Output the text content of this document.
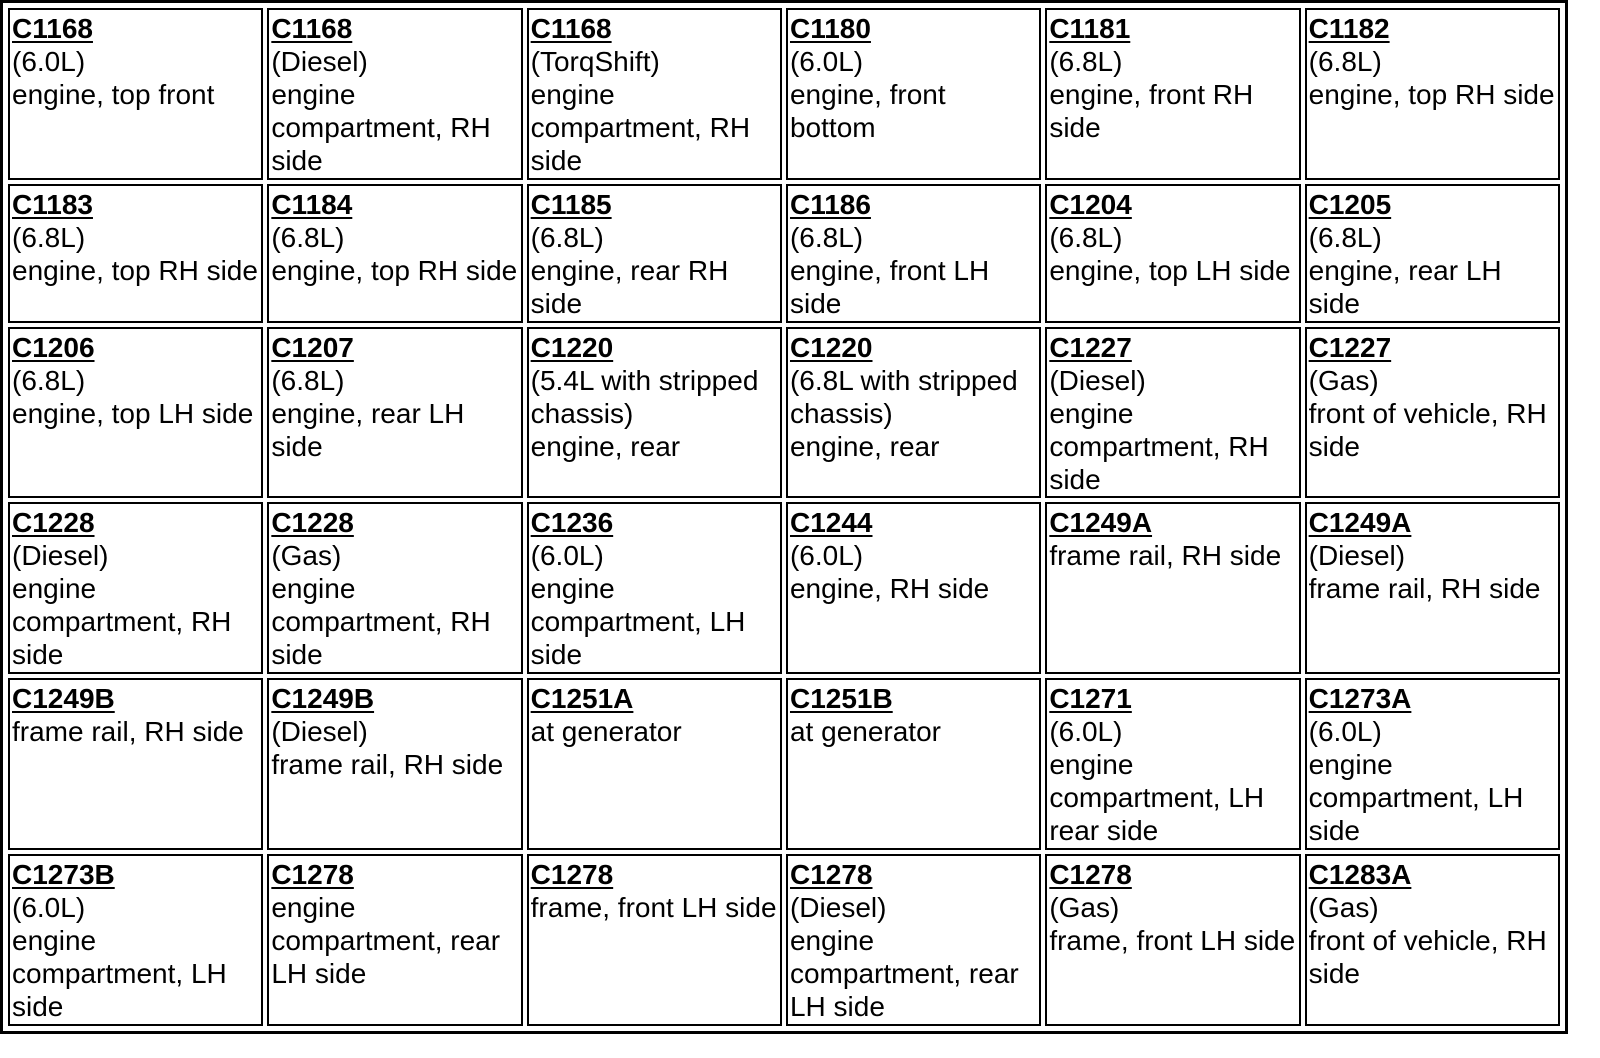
C1168
(6.0L)
engine, top front	C1168
(Diesel)
engine compartment, RH side	C1168
(TorqShift)
engine compartment, RH side	C1180
(6.0L)
engine, front bottom	C1181
(6.8L)
engine, front RH side	C1182
(6.8L)
engine, top RH side

C1183
(6.8L)
engine, top RH side	C1184
(6.8L)
engine, top RH side	C1185
(6.8L)
engine, rear RH side	C1186
(6.8L)
engine, front LH side	C1204
(6.8L)
engine, top LH side	C1205
(6.8L)
engine, rear LH side

C1206
(6.8L)
engine, top LH side	C1207
(6.8L)
engine, rear LH side	C1220
(5.4L with stripped chassis)
engine, rear	C1220
(6.8L with stripped chassis)
engine, rear	C1227
(Diesel)
engine compartment, RH side	C1227
(Gas)
front of vehicle, RH side

C1228
(Diesel)
engine compartment, RH side	C1228
(Gas)
engine compartment, RH side	C1236
(6.0L)
engine compartment, LH side	C1244
(6.0L)
engine, RH side	C1249A
frame rail, RH side	C1249A
(Diesel)
frame rail, RH side

C1249B
frame rail, RH side	C1249B
(Diesel)
frame rail, RH side	C1251A
at generator	C1251B
at generator	C1271
(6.0L)
engine compartment, LH rear side	C1273A
(6.0L)
engine compartment, LH side

C1273B
(6.0L)
engine compartment, LH side	C1278
engine compartment, rear LH side	C1278
frame, front LH side	C1278
(Diesel)
engine compartment, rear LH side	C1278
(Gas)
frame, front LH side	C1283A
(Gas)
front of vehicle, RH side
